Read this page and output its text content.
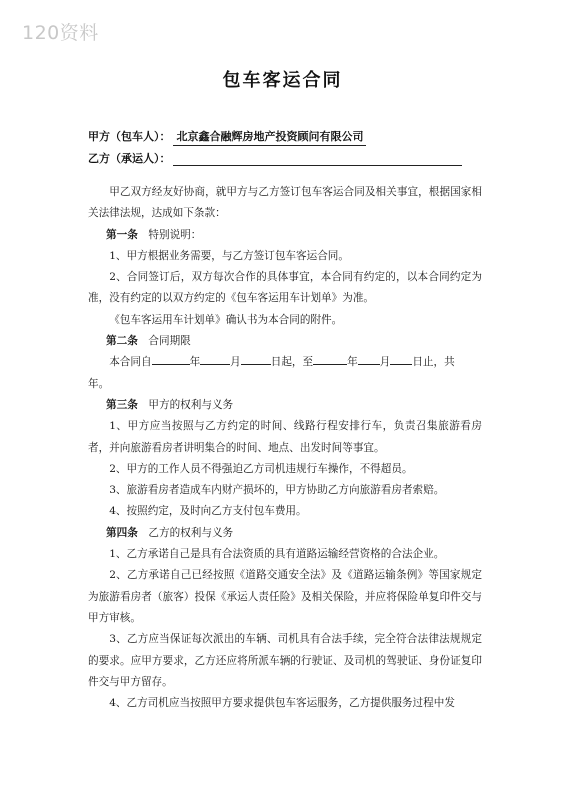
120资料
包车客运合同
甲方（包车人）： 北京鑫合融辉房地产投资顾问有限公司
乙方（承运人）：

甲乙双方经友好协商，就甲方与乙方签订包车客运合同及相关事宜，根据国家相关法律法规，达成如下条款：

第一条 特别说明：

1、甲方根据业务需要，与乙方签订包车客运合同。

2、合同签订后，双方每次合作的具体事宜，本合同有约定的，以本合同约定为准，没有约定的以双方约定的《包车客运用车计划单》为准。

《包车客运用车计划单》确认书为本合同的附件。

第二条 合同期限

本合同自	年	月	日起，至	年 月 日止，共
年。

第三条 甲方的权利与义务

1、甲方应当按照与乙方约定的时间、线路行程安排行车，负责召集旅游看房者，并向旅游看房者讲明集合的时间、地点、出发时间等事宜。

2、甲方的工作人员不得强迫乙方司机违规行车操作，不得超员。

3、旅游看房者造成车内财产损坏的，甲方协助乙方向旅游看房者索赔。

4、按照约定，及时向乙方支付包车费用。

第四条 乙方的权利与义务

1、乙方承诺自己是具有合法资质的具有道路运输经营资格的合法企业。

2、乙方承诺自己已经按照《道路交通安全法》及《道路运输条例》等国家规定为旅游看房者（旅客）投保《承运人责任险》及相关保险，并应将保险单复印件交与甲方审核。

3、乙方应当保证每次派出的车辆、司机具有合法手续，完全符合法律法规规定的要求。应甲方要求，乙方还应将所派车辆的行驶证、及司机的驾驶证、身份证复印件交与甲方留存。

4、乙方司机应当按照甲方要求提供包车客运服务，乙方提供服务过程中发
